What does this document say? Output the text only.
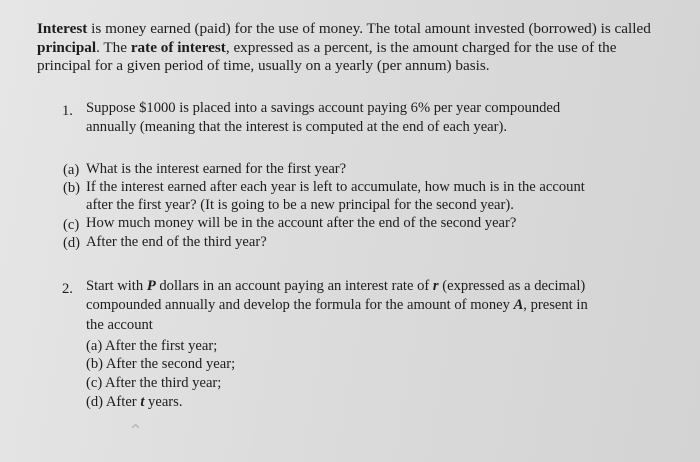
Interest is money earned (paid) for the use of money. The total amount invested (borrowed) is called principal. The rate of interest, expressed as a percent, is the amount charged for the use of the principal for a given period of time, usually on a yearly (per annum) basis.

1. Suppose $1000 is placed into a savings account paying 6% per year compounded
annually (meaning that the interest is computed at the end of each year).
(a) What is the interest earned for the first year?
(b) If the interest earned after each year is left to accumulate, how much is in the account
after the first year? (It is going to be a new principal for the second year).
(c) How much money will be in the account after the end of the second year?
(d) After the end of the third year?
2. Start with P dollars in an account paying an interest rate of r (expressed as a decimal)
compounded annually and develop the formula for the amount of money A, present in
the account
(a) After the first year;
(b) After the second year;
(c) After the third year;
(d) After t years.
⌃
